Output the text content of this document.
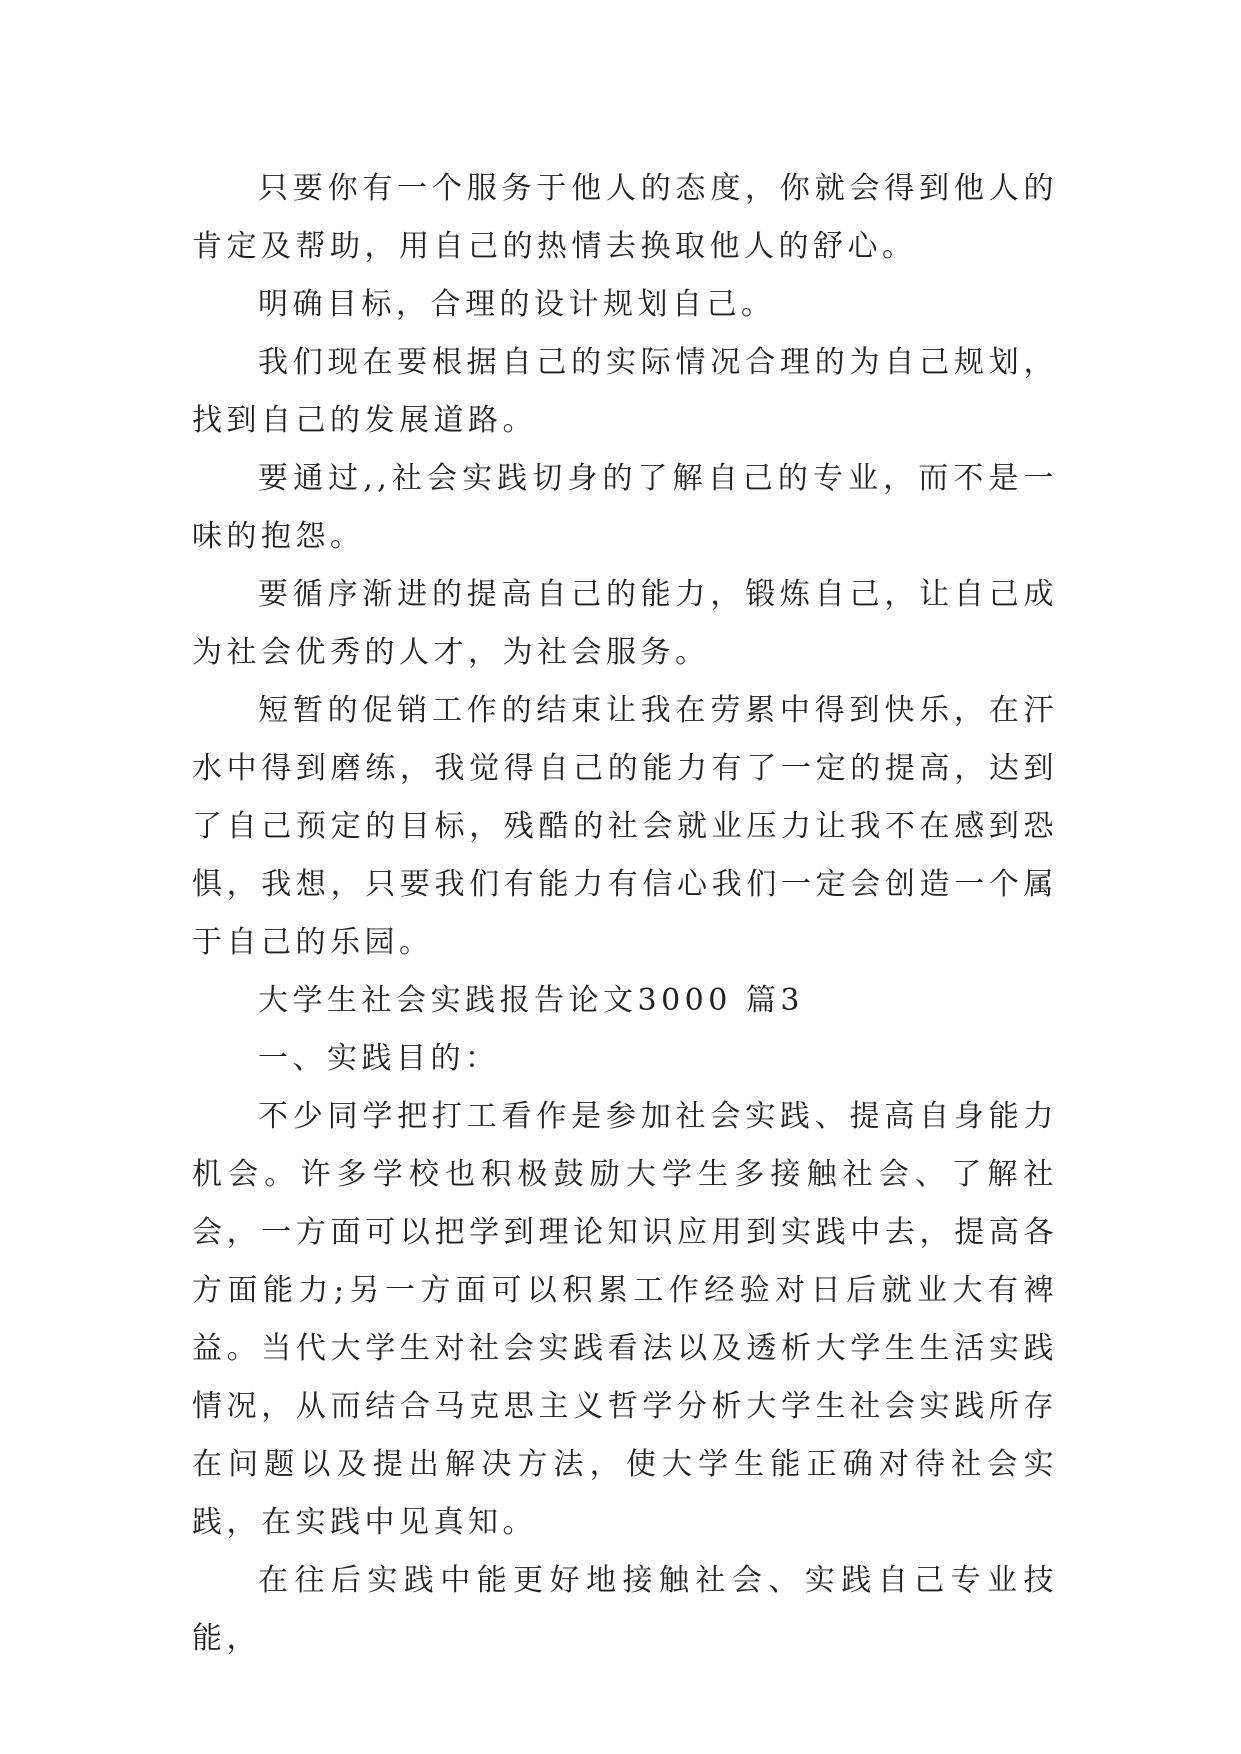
只要你有一个服务于他人的态度，你就会得到他人的肯定及帮助，用自己的热情去换取他人的舒心。

明确目标，合理的设计规划自己。

我们现在要根据自己的实际情况合理的为自己规划，找到自己的发展道路。

要通过,,社会实践切身的了解自己的专业，而不是一味的抱怨。

要循序渐进的提高自己的能力，锻炼自己，让自己成为社会优秀的人才，为社会服务。

短暂的促销工作的结束让我在劳累中得到快乐，在汗水中得到磨练，我觉得自己的能力有了一定的提高，达到了自己预定的目标，残酷的社会就业压力让我不在感到恐惧，我想，只要我们有能力有信心我们一定会创造一个属于自己的乐园。

大学生社会实践报告论文3000 篇3

一、实践目的：

不少同学把打工看作是参加社会实践、提高自身能力机会。许多学校也积极鼓励大学生多接触社会、了解社会，一方面可以把学到理论知识应用到实践中去，提高各方面能力;另一方面可以积累工作经验对日后就业大有裨益。当代大学生对社会实践看法以及透析大学生生活实践情况，从而结合马克思主义哲学分析大学生社会实践所存在问题以及提出解决方法，使大学生能正确对待社会实践，在实践中见真知。

在往后实践中能更好地接触社会、实践自己专业技能，
